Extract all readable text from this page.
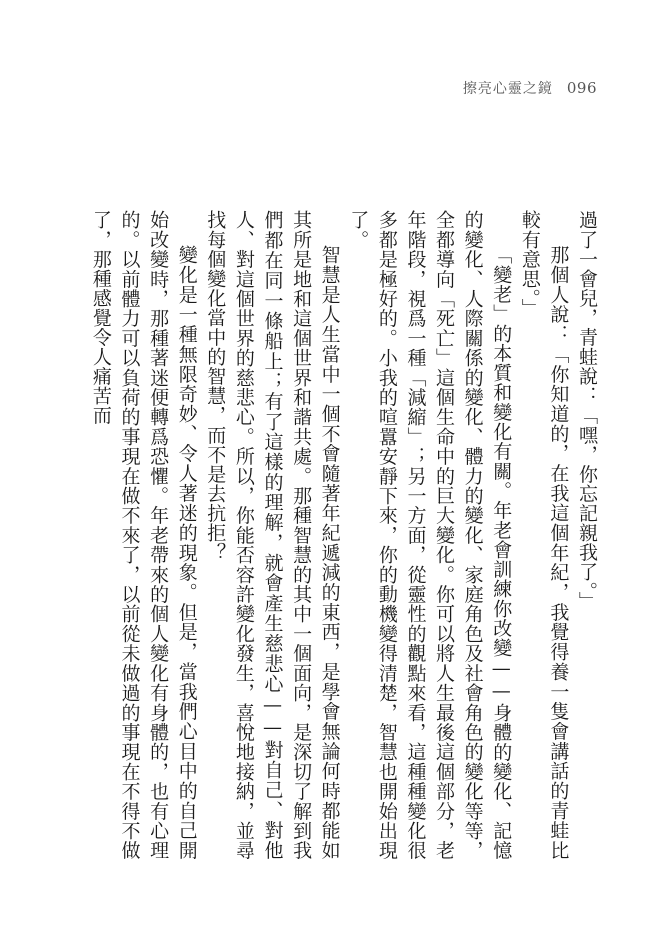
擦亮心靈之鏡 096

過了一會兒，青蛙說：「嘿，你忘記親我了。」

那個人說：「你知道的，在我這個年紀，我覺得養一隻會講話的青蛙比較有意思。」

「變老」的本質和變化有關。年老會訓練你改變——身體的變化、記憶的變化、人際關係的變化、體力的變化、家庭角色及社會角色的變化等等，全都導向「死亡」這個生命中的巨大變化。你可以將人生最後這個部分，老年階段，視爲一種「減縮」；另一方面，從靈性的觀點來看，這種種變化很多都是極好的。小我的喧囂安靜下來，你的動機變得清楚，智慧也開始出現了。

智慧是人生當中一個不會隨著年紀遞減的東西，是學會無論何時都能如其所是地和這個世界和諧共處。那種智慧的其中一個面向，是深切了解到我們都在同一條船上；有了這樣的理解，就會產生慈悲心——對自己、對他人、對這個世界的慈悲心。所以，你能否容許變化發生，喜悅地接納，並尋找每個變化當中的智慧，而不是去抗拒？

變化是一種無限奇妙、令人著迷的現象。但是，當我們心目中的自己開始改變時，那種著迷便轉爲恐懼。年老帶來的個人變化有身體的，也有心理的。以前體力可以負荷的事現在做不來了，以前從未做過的事現在不得不做了，那種感覺令人痛苦而
